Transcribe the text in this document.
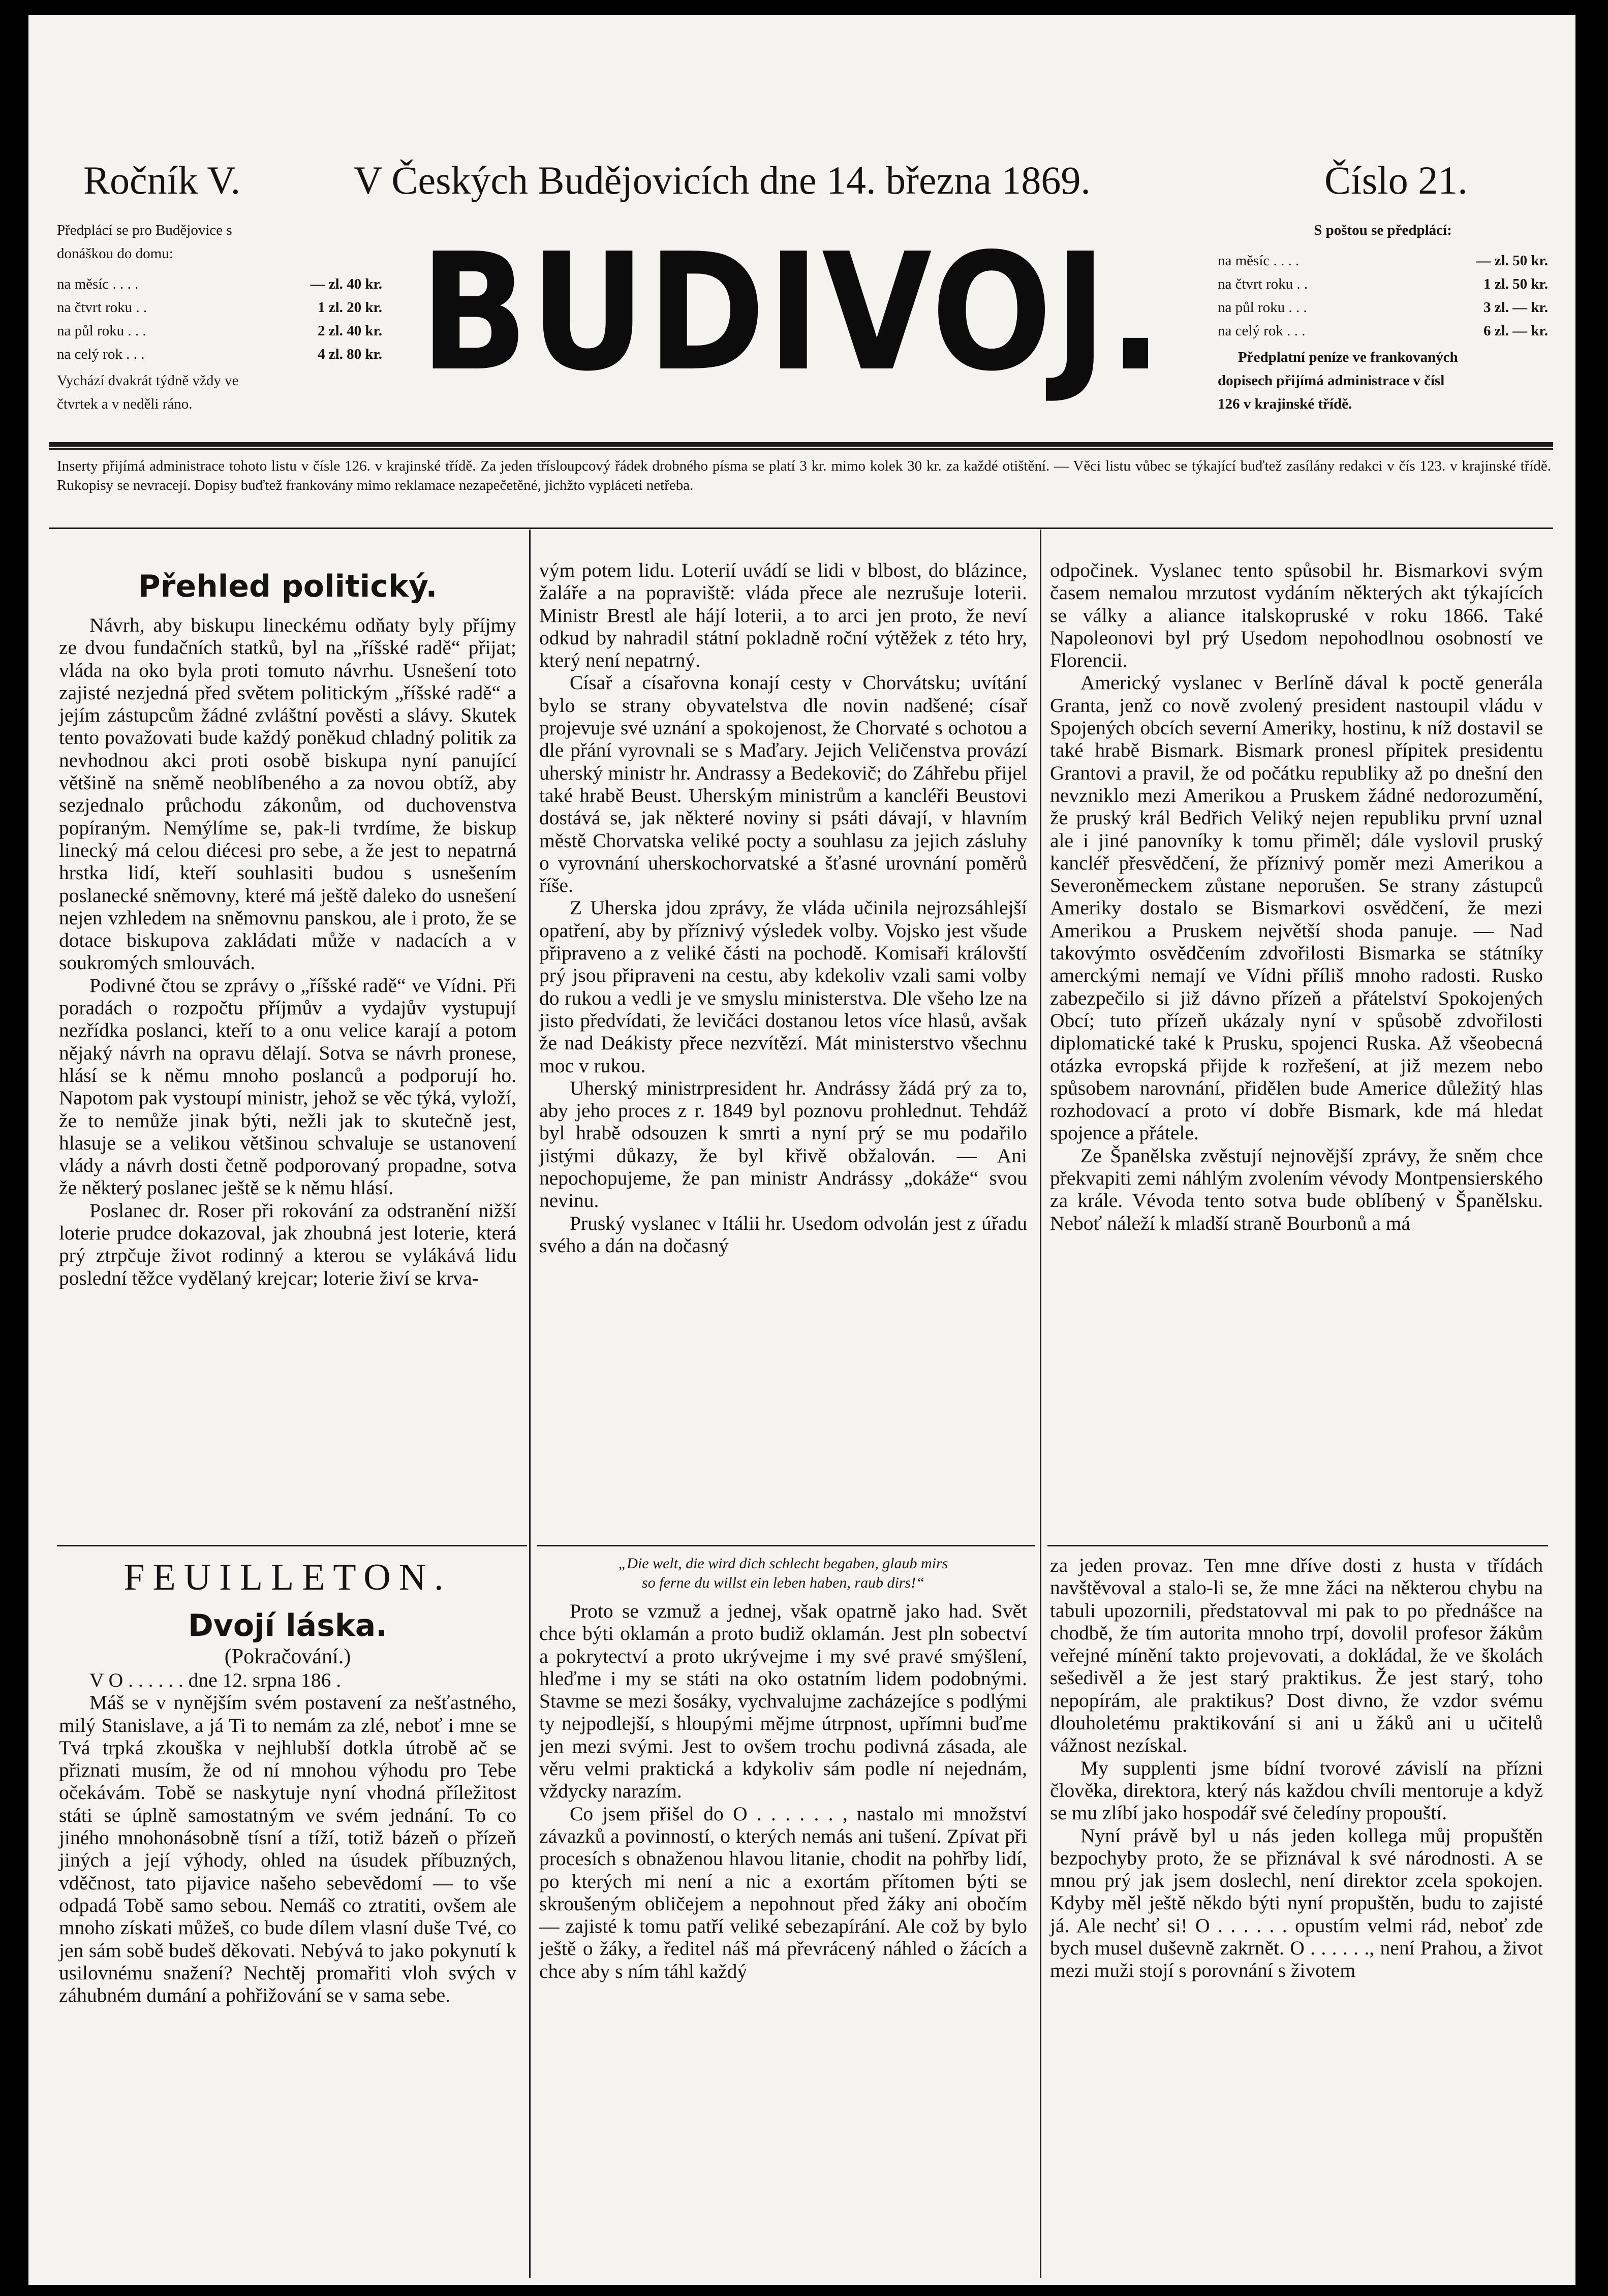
Ročník V.	V Českých Budějovicích dne 14. března 1869.	Číslo 21.
Předplácí se pro Budějovice s
donáškou do domu:
na měsíc . . . .	— zl. 40 kr.
na čtvrt roku . .	1 zl. 20 kr.
na půl roku . . .	2 zl. 40 kr.
na celý rok . . .	4 zl. 80 kr.
Vychází dvakrát týdně vždy ve
čtvrtek a v neděli ráno.	BUDIVOJ.	S poštou se předplácí:
na měsíc . . . .	— zl. 50 kr.
na čtvrt roku . .	1 zl. 50 kr.
na půl roku . . .	3 zl. — kr.
na celý rok . . .	6 zl. — kr.
Předplatní peníze ve frankovaných
dopisech přijímá administrace v čísl
126 v krajinské třídě.
Inserty přijímá administrace tohoto listu v čísle 126. v krajinské třídě. Za jeden třísloupcový řádek drobného písma se platí 3 kr. mimo kolek 30 kr. za každé otištění. — Věci listu vůbec se týkající buďtež zasílány redakci v čís 123. v krajinské třídě. Rukopisy se nevracejí. Dopisy buďtež frankovány mimo reklamace nezapečetěné, jichžto vypláceti netřeba.
Přehled politický.

Návrh, aby biskupu lineckému odňaty byly příjmy ze dvou fundačních statků, byl na „říšské radě“ přijat; vláda na oko byla proti tomuto návrhu. Usnešení toto zajisté nezjedná před světem politickým „říšské radě“ a jejím zástupcům žádné zvláštní pověsti a slávy. Skutek tento považovati bude každý poněkud chladný politik za nevhodnou akci proti osobě biskupa nyní panující většině na sněmě neoblíbeného a za novou obtíž, aby sezjednalo průchodu zákonům, od duchovenstva popíraným. Nemýlíme se, pak-li tvrdíme, že biskup linecký má celou diécesi pro sebe, a že jest to nepatrná hrstka lidí, kteří souhlasiti budou s usnešením poslanecké sněmovny, které má ještě daleko do usnešení nejen vzhledem na sněmovnu panskou, ale i proto, že se dotace biskupova zakládati může v nadacích a v soukromých smlouvách.

Podivné čtou se zprávy o „říšské radě“ ve Vídni. Při poradách o rozpočtu příjmův a vydajův vystupují nezřídka poslanci, kteří to a onu velice karají a potom nějaký návrh na opravu dělají. Sotva se návrh pronese, hlásí se k němu mnoho poslanců a podporují ho. Napotom pak vystoupí ministr, jehož se věc týká, vyloží, že to nemůže jinak býti, nežli jak to skutečně jest, hlasuje se a velikou většinou schvaluje se ustanovení vlády a návrh dosti četně podporovaný propadne, sotva že některý poslanec ještě se k němu hlásí.

Poslanec dr. Roser při rokování za odstranění nižší loterie prudce dokazoval, jak zhoubná jest loterie, která prý ztrpčuje život rodinný a kterou se vylákává lidu poslední těžce vydělaný krejcar; loterie živí se krva-

FEUILLETON.
Dvojí láska.
(Pokračování.)

V O . . . . . . dne 12. srpna 186 .

Máš se v nynějším svém postavení za nešťastného, milý Stanislave, a já Ti to nemám za zlé, neboť i mne se Tvá trpká zkouška v nejhlubší dotkla útrobě ač se přiznati musím, že od ní mnohou výhodu pro Tebe očekávám. Tobě se naskytuje nyní vhodná příležitost státi se úplně samostatným ve svém jednání. To co jiného mnohonásobně tísní a tíží, totiž bázeň o přízeň jiných a její výhody, ohled na úsudek příbuzných, vděčnost, tato pijavice našeho sebevědomí — to vše odpadá Tobě samo sebou. Nemáš co ztratiti, ovšem ale mnoho získati můžeš, co bude dílem vlasní duše Tvé, co jen sám sobě budeš děkovati. Nebývá to jako pokynutí k usilovnému snažení? Nechtěj promařiti vloh svých v záhubném dumání a pohřižování se v sama sebe.

vým potem lidu. Loterií uvádí se lidi v blbost, do blázince, žaláře a na popraviště: vláda přece ale nezrušuje loterii. Ministr Brestl ale hájí loterii, a to arci jen proto, že neví odkud by nahradil státní pokladně roční výtěžek z této hry, který není nepatrný.

Císař a císařovna konají cesty v Chorvátsku; uvítání bylo se strany obyvatelstva dle novin nadšené; císař projevuje své uznání a spokojenost, že Chorvaté s ochotou a dle přání vyrovnali se s Maďary. Jejich Veličenstva provází uherský ministr hr. Andrassy a Bedekovič; do Záhřebu přijel také hrabě Beust. Uherským ministrům a kancléři Beustovi dostává se, jak některé noviny si psáti dávají, v hlavním městě Chorvatska veliké pocty a souhlasu za jejich zásluhy o vyrovnání uherskochorvatské a šťasné urovnání poměrů říše.

Z Uherska jdou zprávy, že vláda učinila nejrozsáhlejší opatření, aby by příznivý výsledek volby. Vojsko jest všude připraveno a z veliké části na pochodě. Komisaři královští prý jsou připraveni na cestu, aby kdekoliv vzali sami volby do rukou a vedli je ve smyslu ministerstva. Dle všeho lze na jisto předvídati, že levičáci dostanou letos více hlasů, avšak že nad Deákisty přece nezvítězí. Mát ministerstvo všechnu moc v rukou.

Uherský ministrpresident hr. Andrássy žádá prý za to, aby jeho proces z r. 1849 byl poznovu prohlednut. Tehdáž byl hrabě odsouzen k smrti a nyní prý se mu podařilo jistými důkazy, že byl křivě obžalován. — Ani nepochopujeme, že pan ministr Andrássy „dokáže“ svou nevinu.

Pruský vyslanec v Itálii hr. Usedom odvolán jest z úřadu svého a dán na dočasný

„Die welt, die wird dich schlecht begaben, glaub mirs
so ferne du willst ein leben haben, raub dirs!“

Proto se vzmuž a jednej, však opatrně jako had. Svět chce býti oklamán a proto budiž oklamán. Jest pln sobectví a pokrytectví a proto ukrývejme i my své pravé smýšlení, hleďme i my se státi na oko ostatním lidem podobnými. Stavme se mezi šosáky, vychvalujme zacházejíce s podlými ty nejpodlejší, s hloupými mějme útrpnost, upřímni buďme jen mezi svými. Jest to ovšem trochu podivná zásada, ale věru velmi praktická a kdykoliv sám podle ní nejednám, vždycky narazím.

Co jsem přišel do O . . . . . . , nastalo mi množství závazků a povinností, o kterých nemás ani tušení. Zpívat při procesích s obnaženou hlavou litanie, chodit na pohřby lidí, po kterých mi není a nic a exortám přítomen býti se skroušeným obličejem a nepohnout před žáky ani obočím — zajisté k tomu patří veliké sebezapírání. Ale což by bylo ještě o žáky, a ředitel náš má převrácený náhled o žácích a chce aby s ním táhl každý

odpočinek. Vyslanec tento spůsobil hr. Bismarkovi svým časem nemalou mrzutost vydáním některých akt týkajících se války a aliance italskopruské v roku 1866. Také Napoleonovi byl prý Usedom nepohodlnou osobností ve Florencii.

Americký vyslanec v Berlíně dával k poctě generála Granta, jenž co nově zvolený president nastoupil vládu v Spojených obcích severní Ameriky, hostinu, k níž dostavil se také hrabě Bismark. Bismark pronesl přípitek presidentu Grantovi a pravil, že od počátku republiky až po dnešní den nevzniklo mezi Amerikou a Pruskem žádné nedorozumění, že pruský král Bedřich Veliký nejen republiku první uznal ale i jiné panovníky k tomu přiměl; dále vyslovil pruský kancléř přesvědčení, že příznivý poměr mezi Amerikou a Severoněmeckem zůstane neporušen. Se strany zástupců Ameriky dostalo se Bismarkovi osvědčení, že mezi Amerikou a Pruskem největší shoda panuje. — Nad takovýmto osvědčením zdvořilosti Bismarka se státníky amerckými nemají ve Vídni příliš mnoho radosti. Rusko zabezpečilo si již dávno přízeň a přátelství Spokojených Obcí; tuto přízeň ukázaly nyní v spůsobě zdvořilosti diplomatické také k Prusku, spojenci Ruska. Až všeobecná otázka evropská přijde k rozřešení, at již mezem nebo spůsobem narovnání, přidělen bude Americe důležitý hlas rozhodovací a proto ví dobře Bismark, kde má hledat spojence a přátele.

Ze Španělska zvěstují nejnovější zprávy, že sněm chce překvapiti zemi náhlým zvolením vévody Montpensierského za krále. Vévoda tento sotva bude oblíbený v Španělsku. Neboť náleží k mladší straně Bourbonů a má

za jeden provaz. Ten mne dříve dosti z husta v třídách navštěvoval a stalo-li se, že mne žáci na některou chybu na tabuli upozornili, předstatovval mi pak to po přednášce na chodbě, že tím autorita mnoho trpí, dovolil profesor žákům veřejné mínění takto projevovati, a dokládal, že ve školách sešedivěl a že jest starý praktikus. Že jest starý, toho nepopírám, ale praktikus? Dost divno, že vzdor svému dlouholetému praktikování si ani u žáků ani u učitelů vážnost nezískal.

My supplenti jsme bídní tvorové závislí na přízni člověka, direktora, který nás každou chvíli mentoruje a když se mu zlíbí jako hospodář své čeledíny propouští.

Nyní právě byl u nás jeden kollega můj propuštěn bezpochyby proto, že se přiznával k své národnosti. A se mnou prý jak jsem doslechl, není direktor zcela spokojen. Kdyby měl ještě někdo býti nyní propuštěn, budu to zajisté já. Ale nechť si! O . . . . . . opustím velmi rád, neboť zde bych musel duševně zakrnět. O . . . . . ., není Prahou, a život mezi muži stojí s porovnání s životem
